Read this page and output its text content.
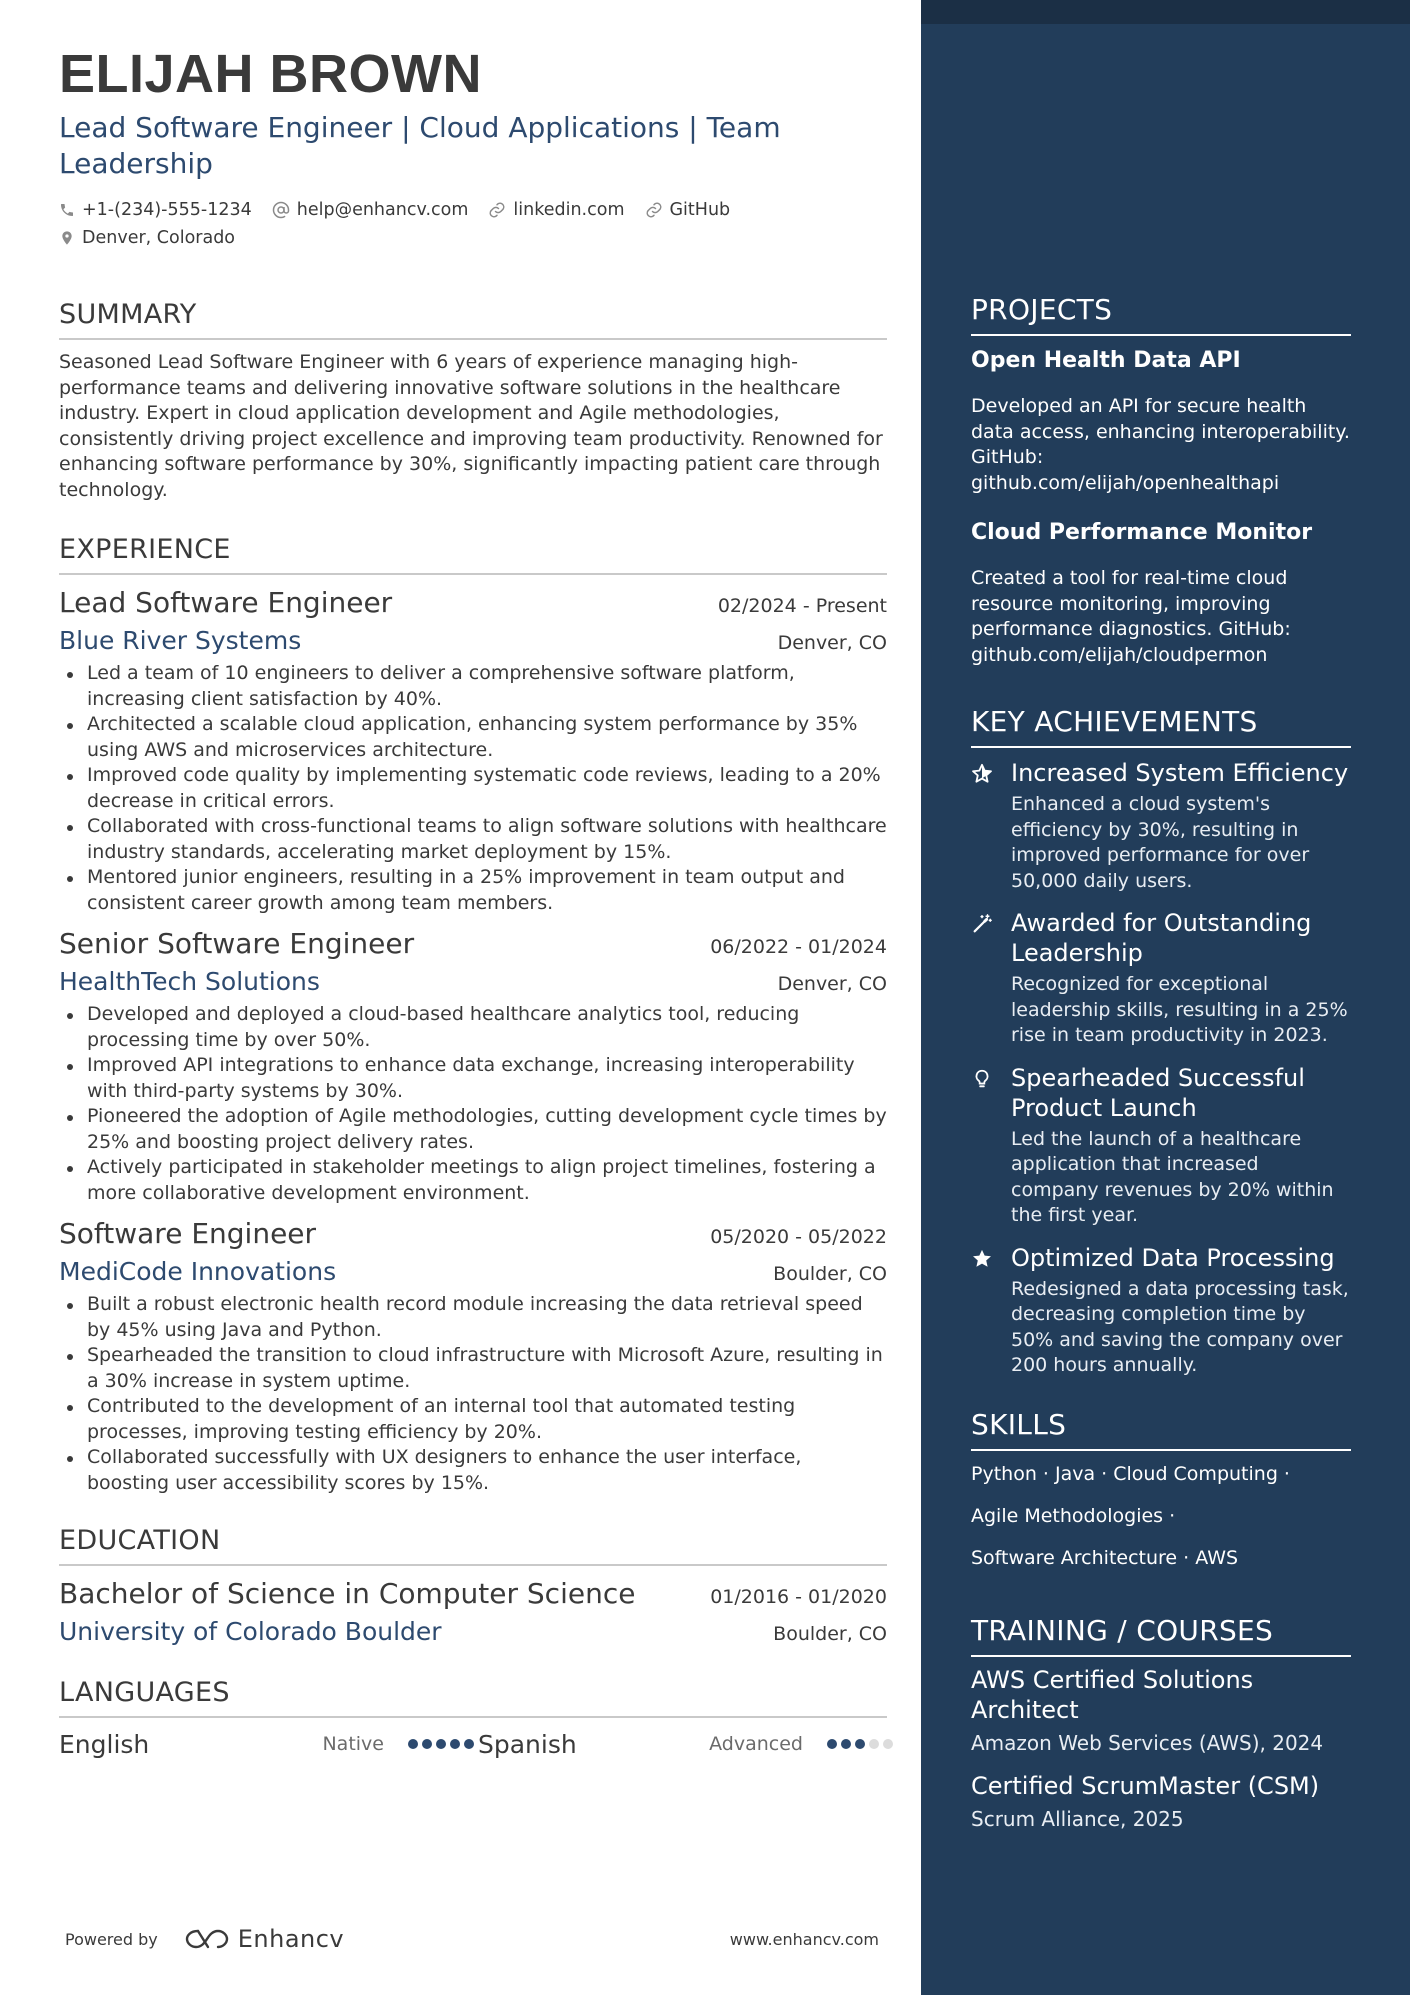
ELIJAH BROWN
Lead Software Engineer | Cloud Applications | Team Leadership
+1-(234)-555-1234	help@enhancv.com	linkedin.com	GitHub
Denver, Colorado
SUMMARY

Seasoned Lead Software Engineer with 6 years of experience managing high-performance teams and delivering innovative software solutions in the healthcare industry. Expert in cloud application development and Agile methodologies, consistently driving project excellence and improving team productivity. Renowned for enhancing software performance by 30%, significantly impacting patient care through technology.

EXPERIENCE
Lead Software Engineer	02/2024 - Present
Blue River Systems	Denver, CO
Led a team of 10 engineers to deliver a comprehensive software platform, increasing client satisfaction by 40%.
Architected a scalable cloud application, enhancing system performance by 35% using AWS and microservices architecture.
Improved code quality by implementing systematic code reviews, leading to a 20% decrease in critical errors.
Collaborated with cross-functional teams to align software solutions with healthcare industry standards, accelerating market deployment by 15%.
Mentored junior engineers, resulting in a 25% improvement in team output and consistent career growth among team members.
Senior Software Engineer	06/2022 - 01/2024
HealthTech Solutions	Denver, CO
Developed and deployed a cloud-based healthcare analytics tool, reducing processing time by over 50%.
Improved API integrations to enhance data exchange, increasing interoperability with third-party systems by 30%.
Pioneered the adoption of Agile methodologies, cutting development cycle times by 25% and boosting project delivery rates.
Actively participated in stakeholder meetings to align project timelines, fostering a more collaborative development environment.
Software Engineer	05/2020 - 05/2022
MediCode Innovations	Boulder, CO
Built a robust electronic health record module increasing the data retrieval speed by 45% using Java and Python.
Spearheaded the transition to cloud infrastructure with Microsoft Azure, resulting in a 30% increase in system uptime.
Contributed to the development of an internal tool that automated testing processes, improving testing efficiency by 20%.
Collaborated successfully with UX designers to enhance the user interface, boosting user accessibility scores by 15%.
EDUCATION
Bachelor of Science in Computer Science	01/2016 - 01/2020
University of Colorado Boulder	Boulder, CO
LANGUAGES
English	Native	Spanish	Advanced
Powered by	Enhancv	www.enhancv.com
PROJECTS
Open Health Data API
Developed an API for secure health data access, enhancing interoperability. GitHub: github.com/elijah/openhealthapi
Cloud Performance Monitor
Created a tool for real-time cloud resource monitoring, improving performance diagnostics. GitHub: github.com/elijah/cloudpermon
KEY ACHIEVEMENTS
Increased System Efficiency
Enhanced a cloud system's efficiency by 30%, resulting in improved performance for over 50,000 daily users.
Awarded for Outstanding Leadership
Recognized for exceptional leadership skills, resulting in a 25% rise in team productivity in 2023.
Spearheaded Successful Product Launch
Led the launch of a healthcare application that increased company revenues by 20% within the first year.
Optimized Data Processing
Redesigned a data processing task, decreasing completion time by 50% and saving the company over 200 hours annually.
SKILLS
Python · Java · Cloud Computing ·
Agile Methodologies ·
Software Architecture · AWS
TRAINING / COURSES
AWS Certified Solutions Architect
Amazon Web Services (AWS), 2024
Certified ScrumMaster (CSM)
Scrum Alliance, 2025
